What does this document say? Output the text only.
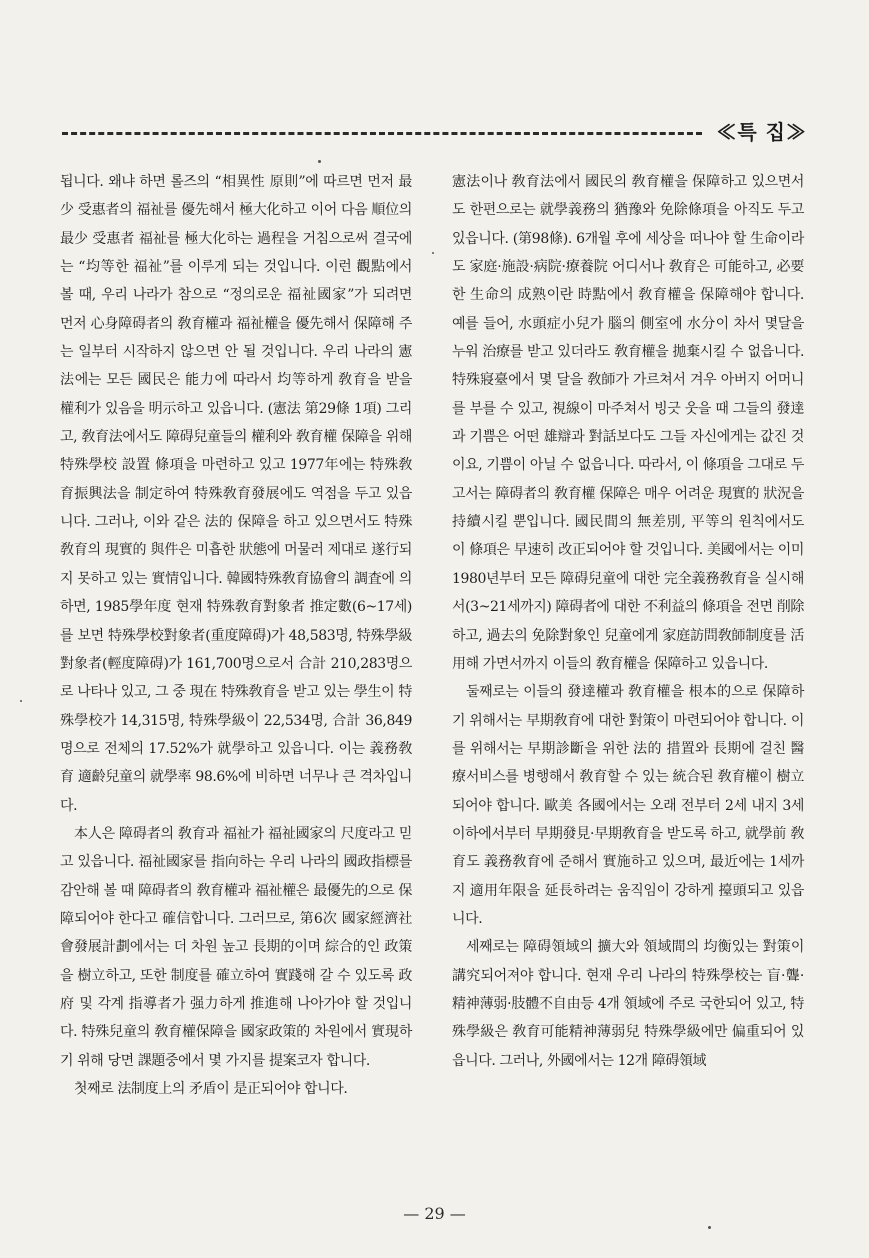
≪특 집≫

됩니다. 왜냐 하면 롤즈의 “相異性 原則”에 따르면 먼저 最少 受惠者의 福祉를 優先해서 極大化하고 이어 다음 順位의 最少 受惠者 福祉를 極大化하는 過程을 거침으로써 결국에는 “均等한 福祉”를 이루게 되는 것입니다. 이런 觀點에서 볼 때, 우리 나라가 참으로 “정의로운 福祉國家”가 되려면 먼저 心身障碍者의 敎育權과 福祉權을 優先해서 保障해 주는 일부터 시작하지 않으면 안 될 것입니다. 우리 나라의 憲法에는 모든 國民은 能力에 따라서 均等하게 敎育을 받을 權利가 있음을 明示하고 있읍니다. (憲法 第29條 1項) 그리고, 敎育法에서도 障碍兒童들의 權利와 敎育權 保障을 위해 特殊學校 設置 條項을 마련하고 있고 1977年에는 特殊敎育振興法을 制定하여 特殊敎育發展에도 역점을 두고 있읍니다. 그러나, 이와 같은 法的 保障을 하고 있으면서도 特殊敎育의 現實的 與件은 미흡한 狀態에 머물러 제대로 遂行되지 못하고 있는 實情입니다. 韓國特殊敎育協會의 調査에 의하면, 1985學年度 현재 特殊敎育對象者 推定數(6~17세)를 보면 特殊學校對象者(重度障碍)가 48,583명, 特殊學級對象者(輕度障碍)가 161,700명으로서 合計 210,283명으로 나타나 있고, 그 중 現在 特殊敎育을 받고 있는 學生이 特殊學校가 14,315명, 特殊學級이 22,534명, 合計 36,849명으로 전체의 17.52%가 就學하고 있읍니다. 이는 義務敎育 適齡兒童의 就學率 98.6%에 비하면 너무나 큰 격차입니다.

本人은 障碍者의 敎育과 福祉가 福祉國家의 尺度라고 믿고 있읍니다. 福祉國家를 指向하는 우리 나라의 國政指標를 감안해 볼 때 障碍者의 敎育權과 福祉權은 最優先的으로 保障되어야 한다고 確信합니다. 그러므로, 第6次 國家經濟社會發展計劃에서는 더 차원 높고 長期的이며 綜合的인 政策을 樹立하고, 또한 制度를 確立하여 實踐해 갈 수 있도록 政府 및 각계 指導者가 强力하게 推進해 나아가야 할 것입니다. 特殊兒童의 敎育權保障을 國家政策的 차원에서 實現하기 위해 당면 課題중에서 몇 가지를 提案코자 합니다.

첫째로 法制度上의 矛盾이 是正되어야 합니다.

憲法이나 敎育法에서 國民의 敎育權을 保障하고 있으면서도 한편으로는 就學義務의 猶豫와 免除條項을 아직도 두고 있읍니다. (第98條). 6개월 후에 세상을 떠나야 할 生命이라도 家庭·施設·病院·療養院 어디서나 敎育은 可能하고, 必要한 生命의 成熟이란 時點에서 敎育權을 保障해야 합니다. 예를 들어, 水頭症小兒가 腦의 側室에 水分이 차서 몇달을 누워 治療를 받고 있더라도 敎育權을 拋棄시킬 수 없읍니다. 特殊寢臺에서 몇 달을 敎師가 가르쳐서 겨우 아버지 어머니를 부를 수 있고, 視線이 마주쳐서 빙긋 웃을 때 그들의 發達과 기쁨은 어떤 雄辯과 對話보다도 그들 자신에게는 값진 것이요, 기쁨이 아닐 수 없읍니다. 따라서, 이 條項을 그대로 두고서는 障碍者의 敎育權 保障은 매우 어려운 現實的 狀況을 持續시킬 뿐입니다. 國民間의 無差別, 平等의 원칙에서도 이 條項은 早速히 改正되어야 할 것입니다. 美國에서는 이미 1980년부터 모든 障碍兒童에 대한 完全義務敎育을 실시해서(3~21세까지) 障碍者에 대한 不利益의 條項을 전면 削除하고, 過去의 免除對象인 兒童에게 家庭訪問敎師制度를 活用해 가면서까지 이들의 敎育權을 保障하고 있읍니다.

둘째로는 이들의 發達權과 敎育權을 根本的으로 保障하기 위해서는 早期敎育에 대한 對策이 마련되어야 합니다. 이를 위해서는 早期診斷을 위한 法的 措置와 長期에 걸친 醫療서비스를 병행해서 敎育할 수 있는 統合된 敎育權이 樹立되어야 합니다. 歐美 各國에서는 오래 전부터 2세 내지 3세 이하에서부터 早期發見·早期敎育을 받도록 하고, 就學前 敎育도 義務敎育에 준해서 實施하고 있으며, 最近에는 1세까지 適用年限을 延長하려는 움직임이 강하게 擡頭되고 있읍니다.

세째로는 障碍領域의 擴大와 領域間의 均衡있는 對策이 講究되어져야 합니다. 현재 우리 나라의 特殊學校는 盲·聾·精神薄弱·肢體不自由등 4개 領域에 주로 국한되어 있고, 特殊學級은 敎育可能精神薄弱兒 特殊學級에만 偏重되어 있읍니다. 그러나, 外國에서는 12개 障碍領域

— 29 —
